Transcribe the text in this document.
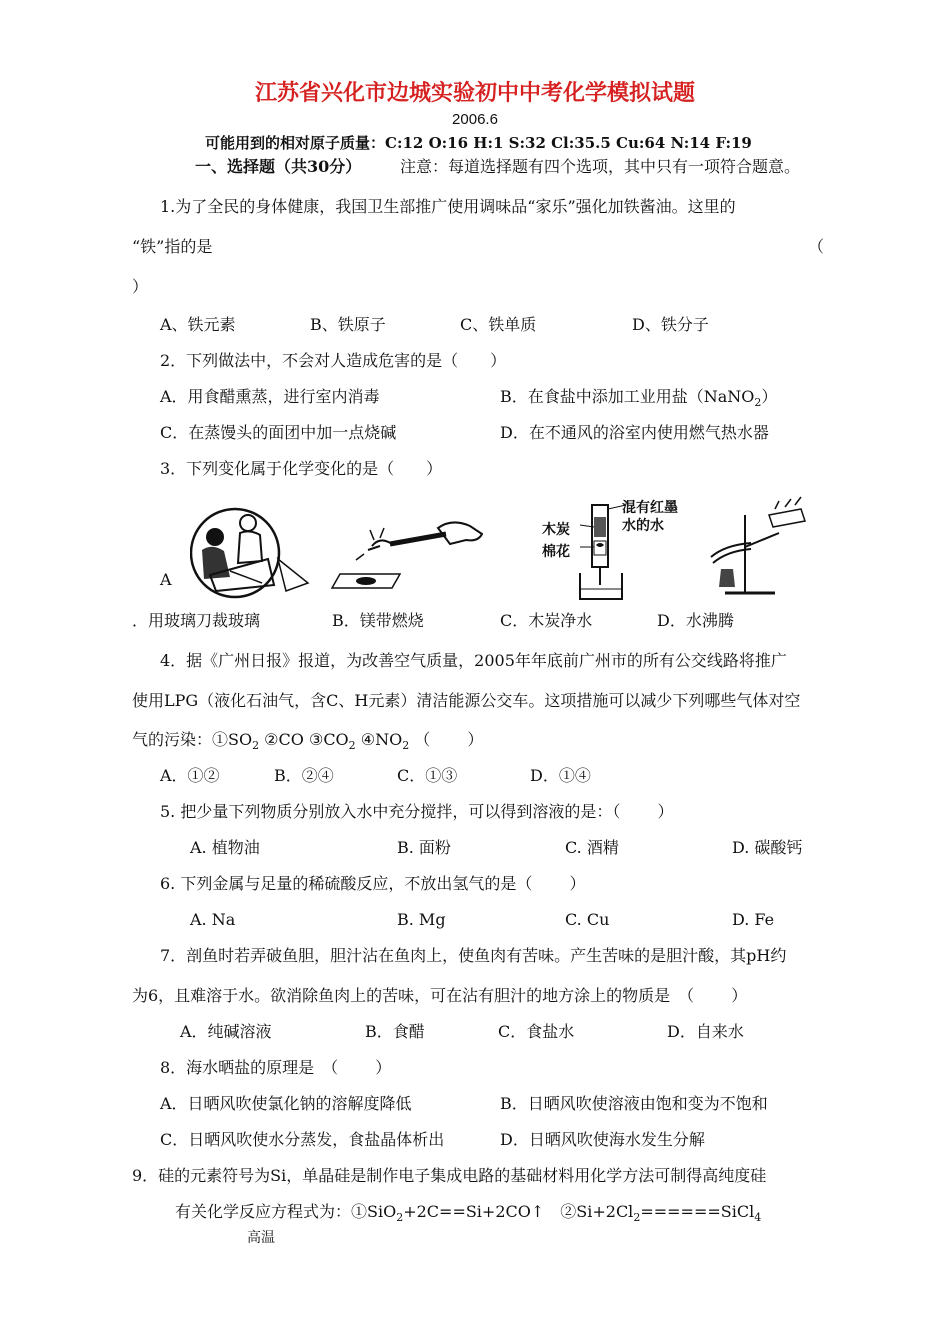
江苏省兴化市边城实验初中中考化学模拟试题
2006.6
可能用到的相对原子质量：C:12 O:16 H:1 S:32 Cl:35.5 Cu:64 N:14 F:19
一、选择题（共30分） 注意：每道选择题有四个选项，其中只有一项符合题意。
1.为了全民的身体健康，我国卫生部推广使用调味品“家乐”强化加铁酱油。这里的
“铁”指的是	（
）
A、铁元素	B、铁原子	C、铁单质	D、铁分子
2．下列做法中，不会对人造成危害的是（　　）
A．用食醋熏蒸，进行室内消毒	B．在食盐中添加工业用盐（NaNO$_2$）
C．在蒸馒头的面团中加一点烧碱	D．在不通风的浴室内使用燃气热水器
3．下列变化属于化学变化的是（　　）
混有红墨
水的水
木炭
棉花
A
．用玻璃刀裁玻璃	B．镁带燃烧	C．木炭净水	D．水沸腾
4．据《广州日报》报道，为改善空气质量，2005年年底前广州市的所有公交线路将推广
使用LPG（液化石油气，含C、H元素）清洁能源公交车。这项措施可以减少下列哪些气体对空
气的污染：$①SO_2$ ②CO $③CO_2$ $④NO_2$ （　　 ）
A．①②	B．②④	C．①③	D．①④
5. 把少量下列物质分别放入水中充分搅拌，可以得到溶液的是：（　　 ）
A. 植物油	B. 面粉	C. 酒精	D. 碳酸钙
6. 下列金属与足量的稀硫酸反应，不放出氢气的是（　　 ）
A. Na	B. Mg	C. Cu	D. Fe
7．剖鱼时若弄破鱼胆，胆汁沾在鱼肉上，使鱼肉有苦味。产生苦味的是胆汁酸，其pH约
为6，且难溶于水。欲消除鱼肉上的苦味，可在沾有胆汁的地方涂上的物质是　（　　 ）
A．纯碱溶液	B．食醋	C．食盐水	D．自来水
8．海水晒盐的原理是　（　　 ）
A．日晒风吹使氯化钠的溶解度降低	B．日晒风吹使溶液由饱和变为不饱和
C．日晒风吹使水分蒸发，食盐晶体析出	D．日晒风吹使海水发生分解
9．硅的元素符号为Si，单晶硅是制作电子集成电路的基础材料用化学方法可制得高纯度硅
有关化学反应方程式为：①SiO$_2$+2C==Si+2CO↑　$②Si+2Cl_2======SiCl_4$
高温
